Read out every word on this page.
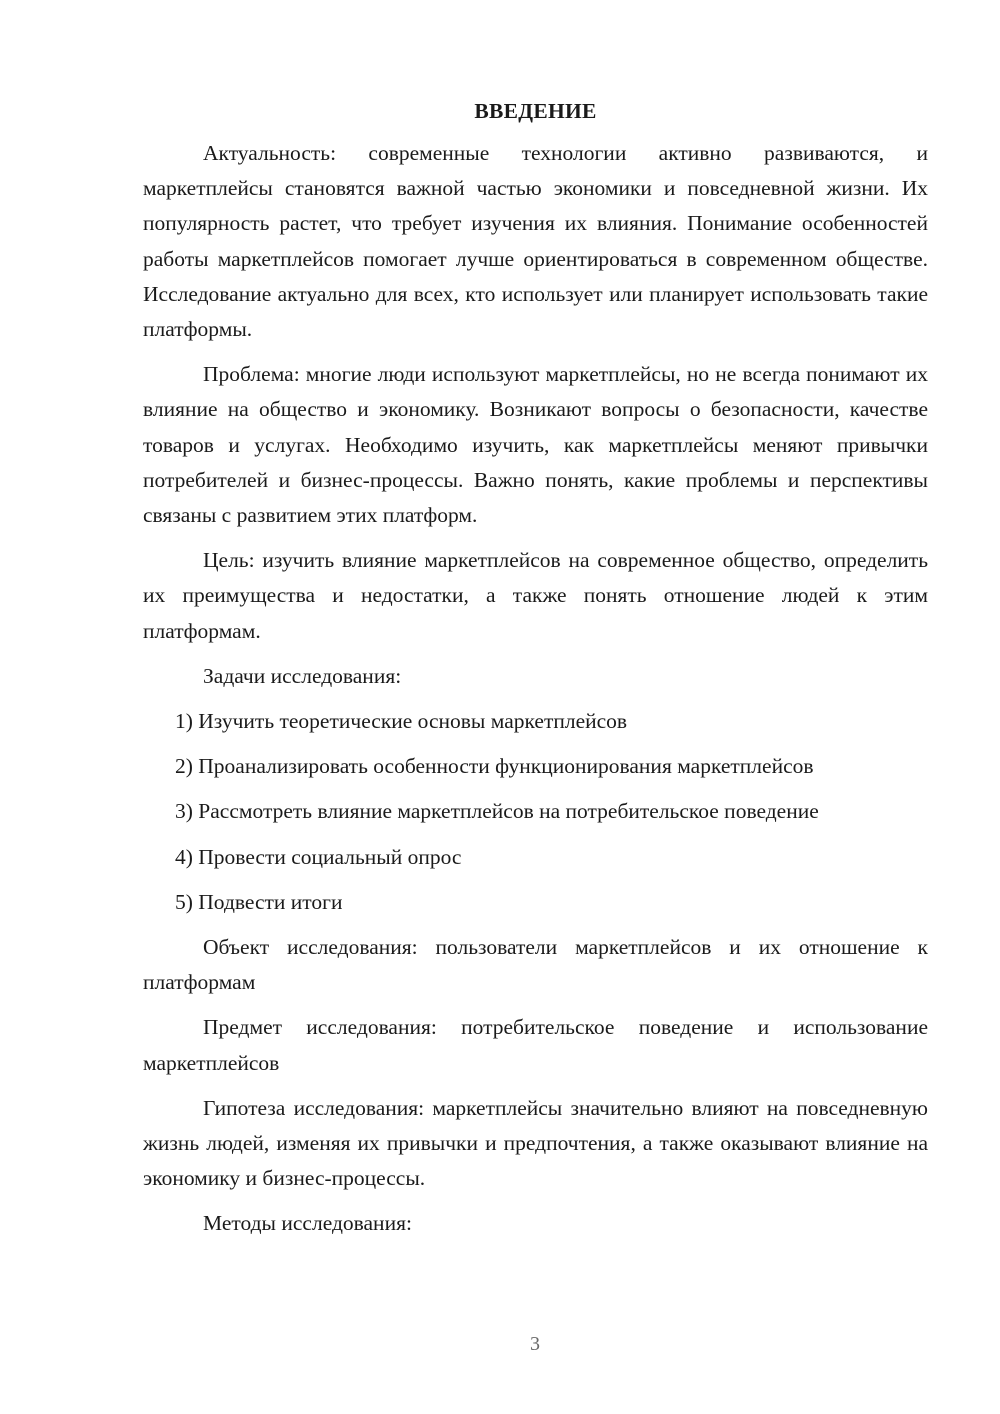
ВВЕДЕНИЕ

Актуальность: современные технологии активно развиваются, и маркетплейсы становятся важной частью экономики и повседневной жизни. Их популярность растет, что требует изучения их влияния. Понимание особенностей работы маркетплейсов помогает лучше ориентироваться в современном обществе. Исследование актуально для всех, кто использует или планирует использовать такие платформы.

Проблема: многие люди используют маркетплейсы, но не всегда понимают их влияние на общество и экономику. Возникают вопросы о безопасности, качестве товаров и услугах. Необходимо изучить, как маркетплейсы меняют привычки потребителей и бизнес-процессы. Важно понять, какие проблемы и перспективы связаны с развитием этих платформ.

Цель: изучить влияние маркетплейсов на современное общество, определить их преимущества и недостатки, а также понять отношение людей к этим платформам.

Задачи исследования:

1) Изучить теоретические основы маркетплейсов
2) Проанализировать особенности функционирования маркетплейсов
3) Рассмотреть влияние маркетплейсов на потребительское поведение
4) Провести социальный опрос
5) Подвести итоги

Объект исследования: пользователи маркетплейсов и их отношение к платформам

Предмет исследования: потребительское поведение и использование маркетплейсов

Гипотеза исследования: маркетплейсы значительно влияют на повседневную жизнь людей, изменяя их привычки и предпочтения, а также оказывают влияние на экономику и бизнес-процессы.

Методы исследования:

3
